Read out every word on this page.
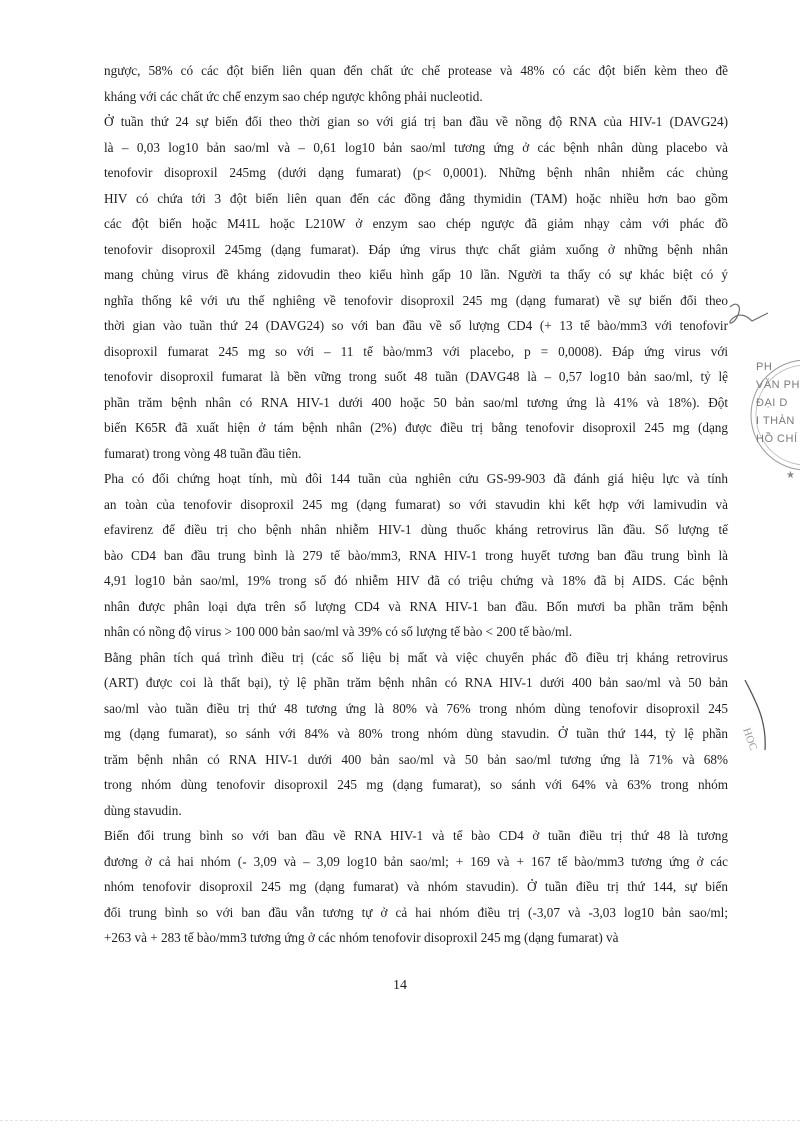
ngược, 58% có các đột biến liên quan đến chất ức chế protease và 48% có các đột biến kèm theo đề
kháng với các chất ức chế enzym sao chép ngược không phải nucleotid.

Ở tuần thứ 24 sự biến đổi theo thời gian so với giá trị ban đầu về nồng độ RNA của HIV-1 (DAVG24)
là – 0,03 log10 bản sao/ml và – 0,61 log10 bản sao/ml tương ứng ở các bệnh nhân dùng placebo và
tenofovir disoproxil 245mg (dưới dạng fumarat) (p< 0,0001). Những bệnh nhân nhiễm các chủng
HIV có chứa tới 3 đột biến liên quan đến các đồng đẳng thymidin (TAM) hoặc nhiều hơn bao gồm
các đột biến hoặc M41L hoặc L210W ở enzym sao chép ngược đã giảm nhạy cảm với phác đồ
tenofovir disoproxil 245mg (dạng fumarat). Đáp ứng virus thực chất giảm xuống ở những bệnh nhân
mang chủng virus đề kháng zidovudin theo kiểu hình gấp 10 lần. Người ta thấy có sự khác biệt có ý
nghĩa thống kê với ưu thế nghiêng về tenofovir disoproxil 245 mg (dạng fumarat) về sự biến đổi theo
thời gian vào tuần thứ 24 (DAVG24) so với ban đầu về số lượng CD4 (+ 13 tế bào/mm3 với tenofovir
disoproxil fumarat 245 mg so với – 11 tế bào/mm3 với placebo, p = 0,0008). Đáp ứng virus với
tenofovir disoproxil fumarat là bền vững trong suốt 48 tuần (DAVG48 là – 0,57 log10 bản sao/ml, tỷ lệ
phần trăm bệnh nhân có RNA HIV-1 dưới 400 hoặc 50 bản sao/ml tương ứng là 41% và 18%). Đột
biến K65R đã xuất hiện ở tám bệnh nhân (2%) được điều trị bằng tenofovir disoproxil 245 mg (dạng
fumarat) trong vòng 48 tuần đầu tiên.

Pha có đối chứng hoạt tính, mù đôi 144 tuần của nghiên cứu GS-99-903 đã đánh giá hiệu lực và tính
an toàn của tenofovir disoproxil 245 mg (dạng fumarat) so với stavudin khi kết hợp với lamivudin và
efavirenz để điều trị cho bệnh nhân nhiễm HIV-1 dùng thuốc kháng retrovirus lần đầu. Số lượng tế
bào CD4 ban đầu trung bình là 279 tế bào/mm3, RNA HIV-1 trong huyết tương ban đầu trung bình là
4,91 log10 bản sao/ml, 19% trong số đó nhiễm HIV đã có triệu chứng và 18% đã bị AIDS. Các bệnh
nhân được phân loại dựa trên số lượng CD4 và RNA HIV-1 ban đầu. Bốn mươi ba phần trăm bệnh
nhân có nồng độ virus > 100 000 bản sao/ml và 39% có số lượng tế bào < 200 tế bào/ml.

Bằng phân tích quá trình điều trị (các số liệu bị mất và việc chuyển phác đồ điều trị kháng retrovirus
(ART) được coi là thất bại), tỷ lệ phần trăm bệnh nhân có RNA HIV-1 dưới 400 bản sao/ml và 50 bản
sao/ml vào tuần điều trị thứ 48 tương ứng là 80% và 76% trong nhóm dùng tenofovir disoproxil 245
mg (dạng fumarat), so sánh với 84% và 80% trong nhóm dùng stavudin. Ở tuần thứ 144, tỷ lệ phần
trăm bệnh nhân có RNA HIV-1 dưới 400 bản sao/ml và 50 bản sao/ml tương ứng là 71% và 68%
trong nhóm dùng tenofovir disoproxil 245 mg (dạng fumarat), so sánh với 64% và 63% trong nhóm
dùng stavudin.

Biến đổi trung bình so với ban đầu về RNA HIV-1 và tế bào CD4 ở tuần điều trị thứ 48 là tương
đương ở cả hai nhóm (- 3,09 và – 3,09 log10 bản sao/ml; + 169 và + 167 tế bào/mm3 tương ứng ở các
nhóm tenofovir disoproxil 245 mg (dạng fumarat) và nhóm stavudin). Ở tuần điều trị thứ 144, sự biến
đổi trung bình so với ban đầu vẫn tương tự ở cả hai nhóm điều trị (-3,07 và -3,03 log10 bản sao/ml;
+263 và + 283 tế bào/mm3 tương ứng ở các nhóm tenofovir disoproxil 245 mg (dạng fumarat) và

14
★
PH
VĂN PH
ĐẠI D
I THÀN
HỒ CHÍ
HOC
